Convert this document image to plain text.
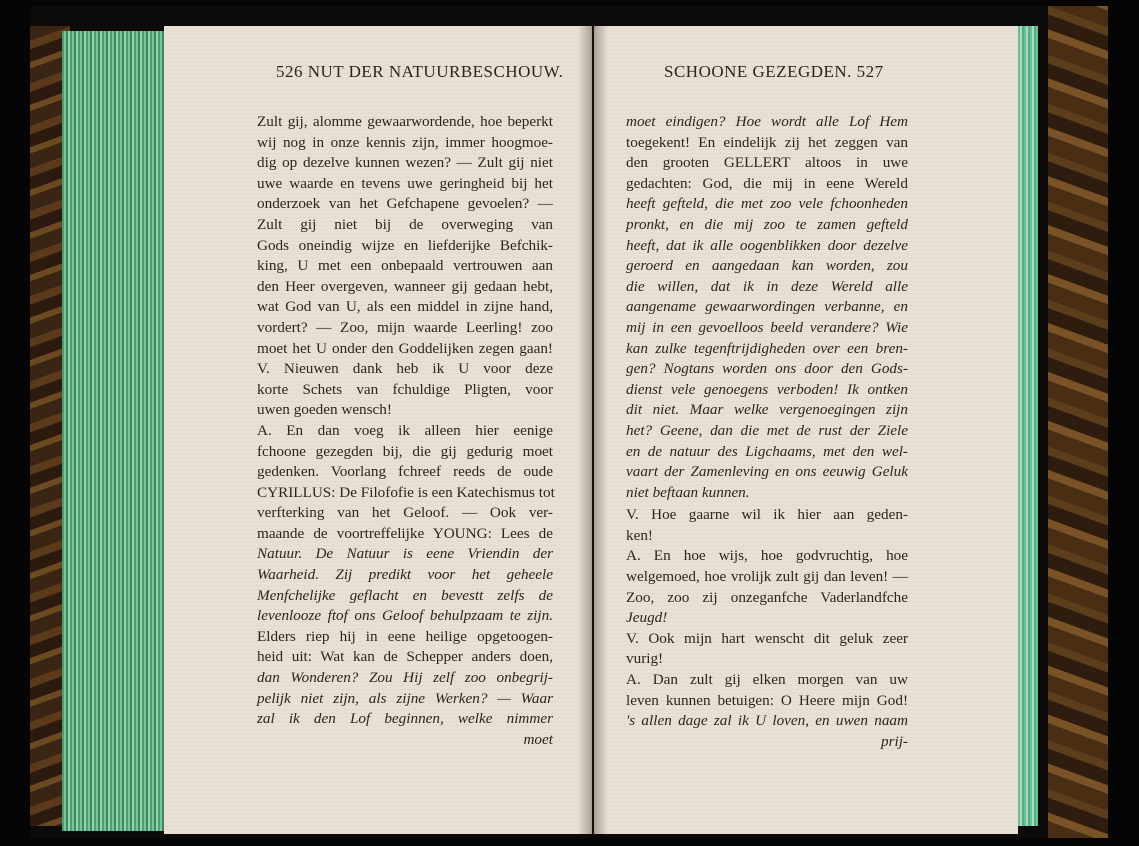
526 NUT DER NATUURBESCHOUW.

Zult gij, alomme gewaarwordende, hoe beperkt

wij nog in onze kennis zijn, immer hoogmoe-

dig op dezelve kunnen wezen? — Zult gij niet

uwe waarde en tevens uwe geringheid bij het

onderzoek van het Gefchapene gevoelen? —

Zult gij niet bij de overweging van

Gods oneindig wijze en liefderijke Befchik-

king, U met een onbepaald vertrouwen aan

den Heer overgeven, wanneer gij gedaan hebt,

wat God van U, als een middel in zijne hand,

vordert? — Zoo, mijn waarde Leerling! zoo

moet het U onder den Goddelijken zegen gaan!

V. Nieuwen dank heb ik U voor deze

korte Schets van fchuldige Pligten, voor

uwen goeden wensch!

A. En dan voeg ik alleen hier eenige

fchoone gezegden bij, die gij gedurig moet

gedenken. Voorlang fchreef reeds de oude

CYRILLUS: De Filofofie is een Katechismus tot

verfterking van het Geloof. — Ook ver-

maande de voortreffelijke YOUNG: Lees de

Natuur. De Natuur is eene Vriendin der

Waarheid. Zij predikt voor het geheele

Menfchelijke geflacht en bevestt zelfs de

levenlooze ftof ons Geloof behulpzaam te zijn.

Elders riep hij in eene heilige opgetoogen-

heid uit: Wat kan de Schepper anders doen,

dan Wonderen? Zou Hij zelf zoo onbegrij-

pelijk niet zijn, als zijne Werken? — Waar

zal ik den Lof beginnen, welke nimmer

moet

SCHOONE GEZEGDEN. 527

moet eindigen? Hoe wordt alle Lof Hem

toegekent! En eindelijk zij het zeggen van

den grooten GELLERT altoos in uwe

gedachten: God, die mij in eene Wereld

heeft gefteld, die met zoo vele fchoonheden

pronkt, en die mij zoo te zamen gefteld

heeft, dat ik alle oogenblikken door dezelve

geroerd en aangedaan kan worden, zou

die willen, dat ik in deze Wereld alle

aangename gewaarwordingen verbanne, en

mij in een gevoelloos beeld verandere? Wie

kan zulke tegenftrijdigheden over een bren-

gen? Nogtans worden ons door den Gods-

dienst vele genoegens verboden! Ik ontken

dit niet. Maar welke vergenoegingen zijn

het? Geene, dan die met de rust der Ziele

en de natuur des Ligchaams, met den wel-

vaart der Zamenleving en ons eeuwig Geluk

niet beftaan kunnen.

V. Hoe gaarne wil ik hier aan geden-

ken!

A. En hoe wijs, hoe godvruchtig, hoe

welgemoed, hoe vrolijk zult gij dan leven! —

Zoo, zoo zij onzeganfche Vaderlandfche

Jeugd!

V. Ook mijn hart wenscht dit geluk zeer

vurig!

A. Dan zult gij elken morgen van uw

leven kunnen betuigen: O Heere mijn God!

's allen dage zal ik U loven, en uwen naam

prij-
